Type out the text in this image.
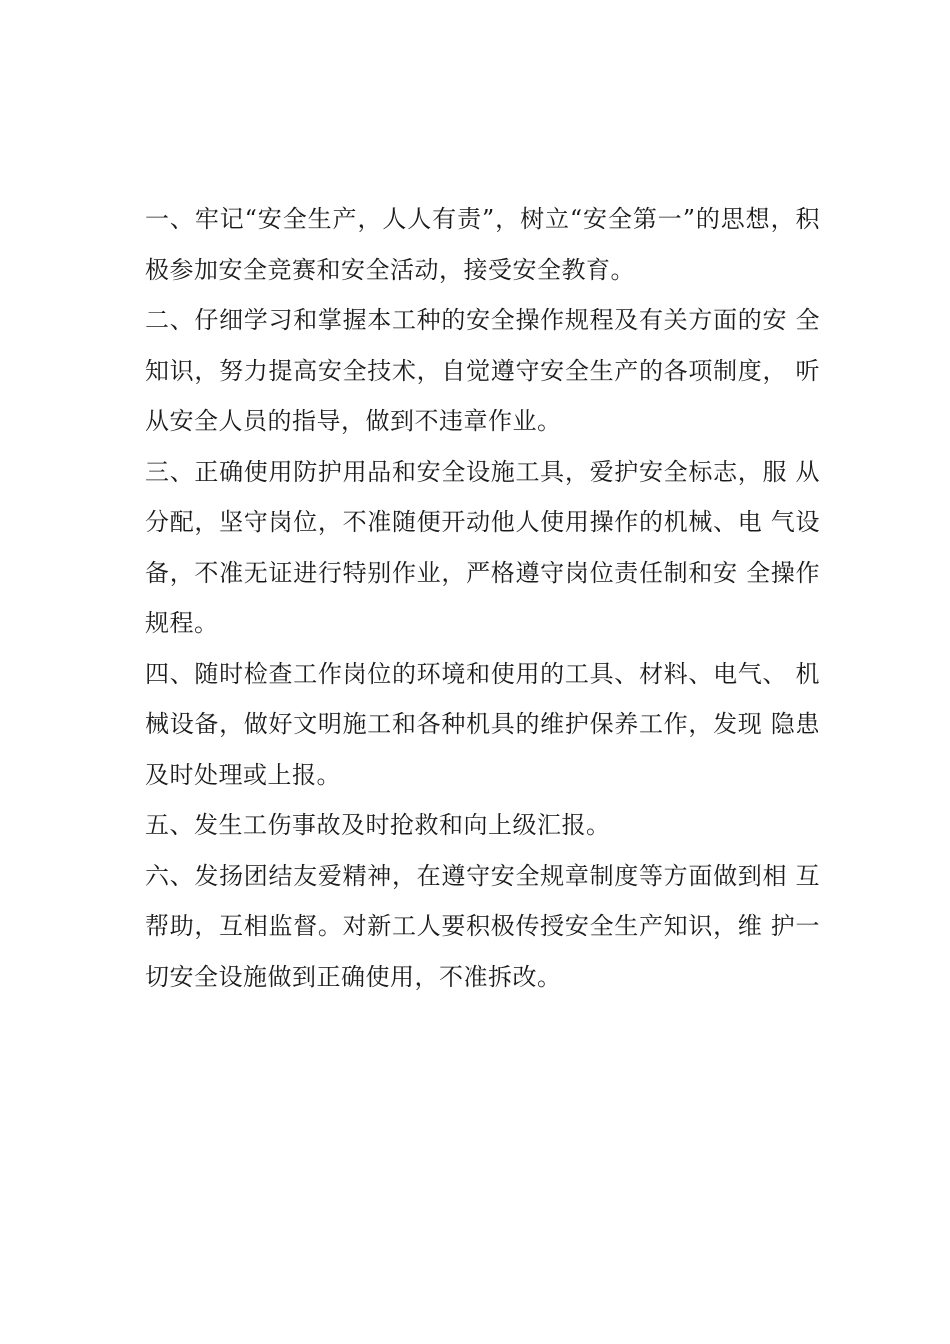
一、牢记“安全生产，人人有责”，树立“安全第一”的思想，积极参加安全竞赛和安全活动，接受安全教育。

二、仔细学习和掌握本工种的安全操作规程及有关方面的安 全知识，努力提高安全技术，自觉遵守安全生产的各项制度， 听从安全人员的指导，做到不违章作业。

三、正确使用防护用品和安全设施工具，爱护安全标志，服 从分配，坚守岗位，不准随便开动他人使用操作的机械、电 气设备，不准无证进行特别作业，严格遵守岗位责任制和安 全操作规程。

四、随时检查工作岗位的环境和使用的工具、材料、电气、 机械设备，做好文明施工和各种机具的维护保养工作，发现 隐患及时处理或上报。

五、发生工伤事故及时抢救和向上级汇报。

六、发扬团结友爱精神，在遵守安全规章制度等方面做到相 互帮助，互相监督。对新工人要积极传授安全生产知识，维 护一切安全设施做到正确使用，不准拆改。
